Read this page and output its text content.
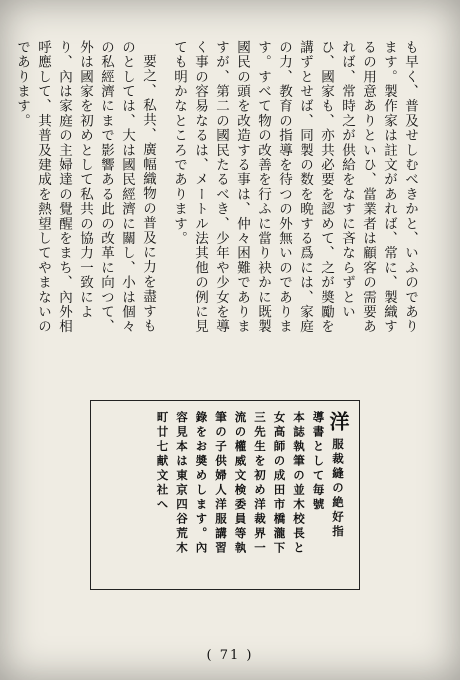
も早く、普及せしむべきかと、いふのであります。製作家は註文があれば、常に、製織するの用意ありといひ、當業者は顧客の需要あれば、常時之が供給をなすに吝ならずといひ、國家も、亦共必要を認めて、之が奬勵を講ずとせば、同製の数を晩する爲には、家庭の力、教育の指導を待つの外無いのであります。すべて物の改善を行ふに當り袂かに既製國民の頭を改造する事は、仲々困難でありますが、第二の國民たるべき、少年や少女を導く事の容易なるは、メートル法其他の例に見ても明かなところであります。

要之、私共、廣幅織物の普及に力を盡すものとしては、大は國民經濟に關し、小は個々の私經濟にまで影響ある此の改革に向つて、外は國家を初めとして私共の協力一致により、內は家庭の主婦達の覺醒をまち、內外相呼應して、其普及建成を熱望してやまないのであります。

洋 服裁縫の絶好指
導書として毎號
本誌執筆の並木校長と
女高師の成田市橋瀧下
三先生を初め洋裁界一
流の權威文検委員等執
筆の子供婦人洋服講習
錄をお奬めします。內
容見本は東京四谷荒木
町廿七献文社へ
( 71 )
